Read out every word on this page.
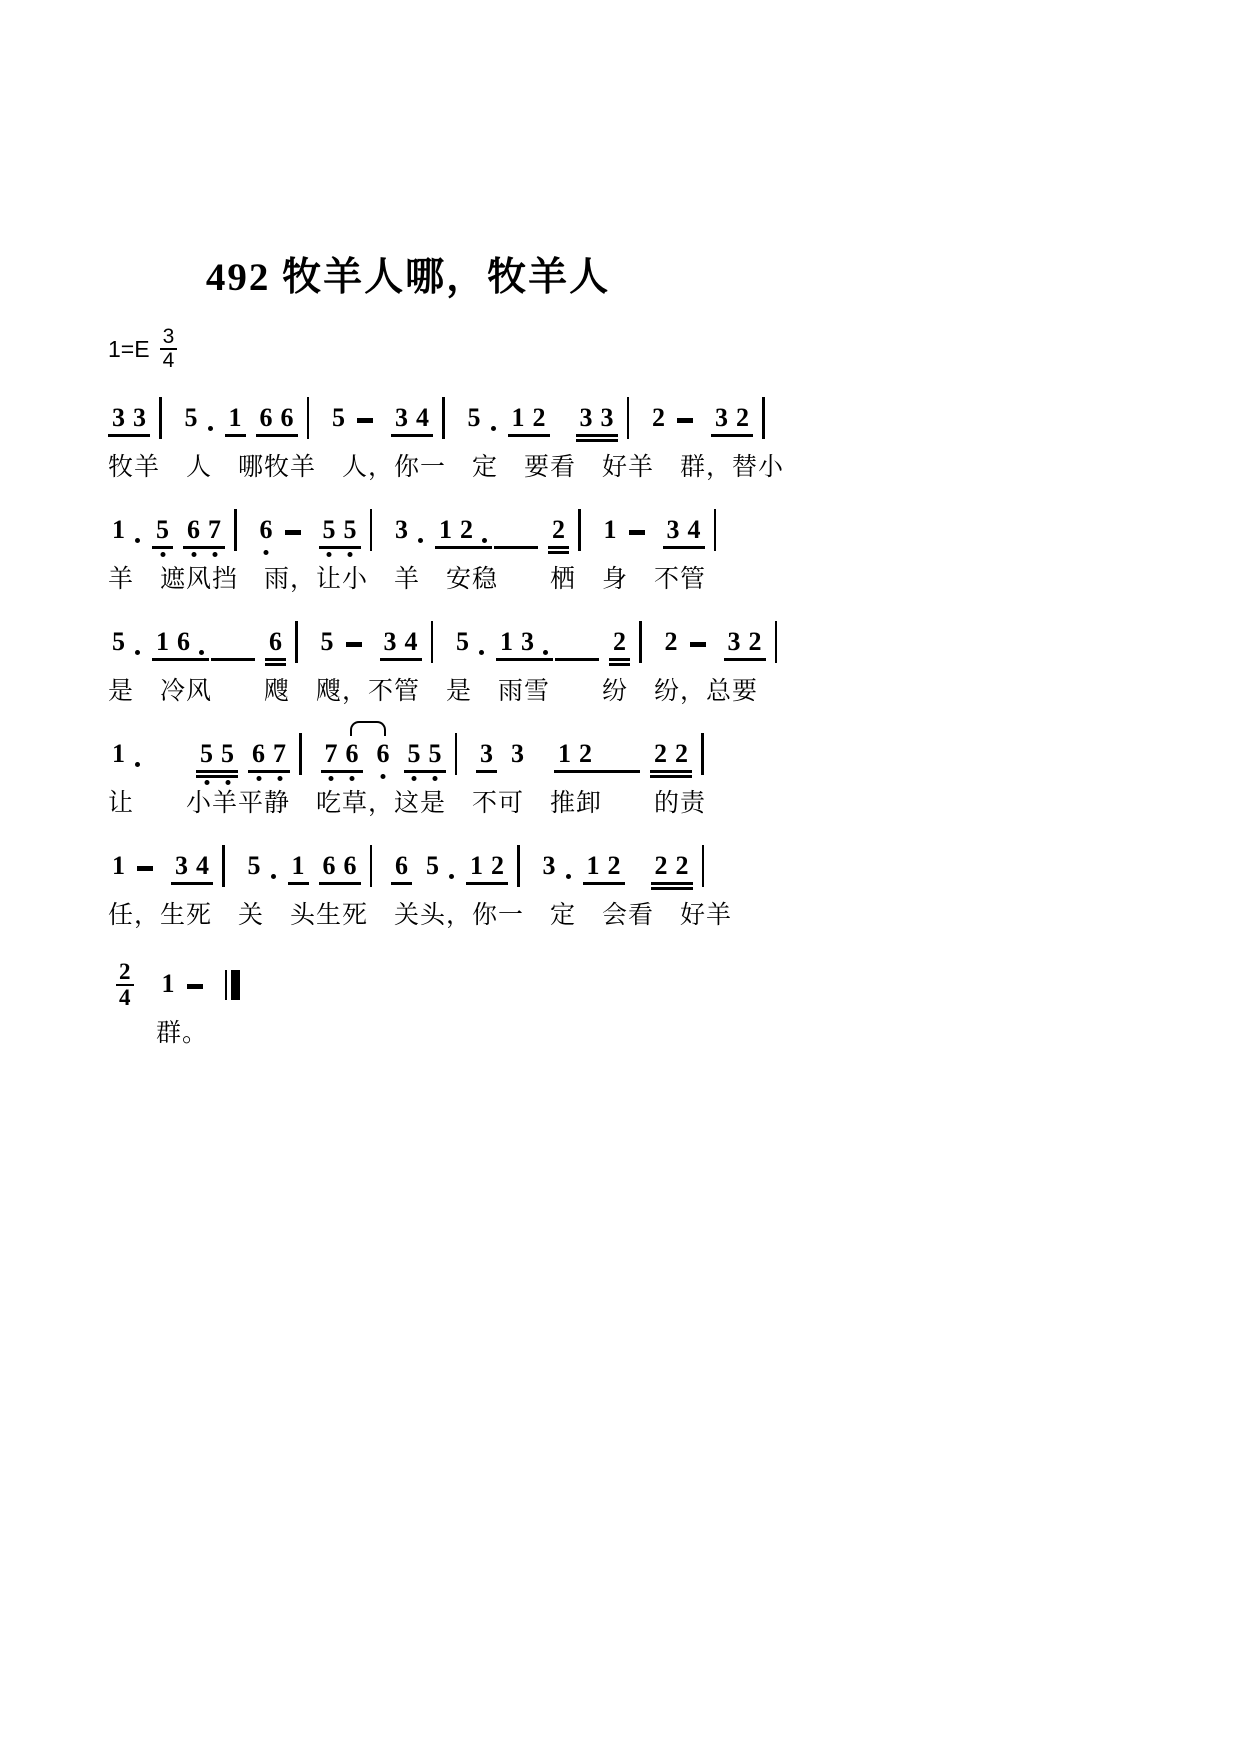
492 牧羊人哪，牧羊人
$1=E \frac{3}{4}$
3 3 5 1 6 6 5 3 4 5 1 2 3 3 2 3 2
牧羊　人　哪牧羊　人，你一　定　要看　好羊　群，替小
1 5 6 7 6 5 5 3 1 2	2 1 3 4
羊　遮风挡　雨，让小　羊　安稳　　栖　身　不管
5 1 6	6 5 3 4 5 1 3	2 2 3 2
是　冷风　　飕　飕，不管　是　雨雪　　纷　纷，总要
1	5 5 6 7 7 6 6 5 5 3 3 1 2 2 2
让　　小羊平静　吃草，这是　不可　推卸　　的责
1 3 4 5 1 6 6 6 5 1 2 3 1 2 2 2
任，生死　关　头生死　关头，你一　定　会看　好羊
$\frac{2}{4} 1$
群。
